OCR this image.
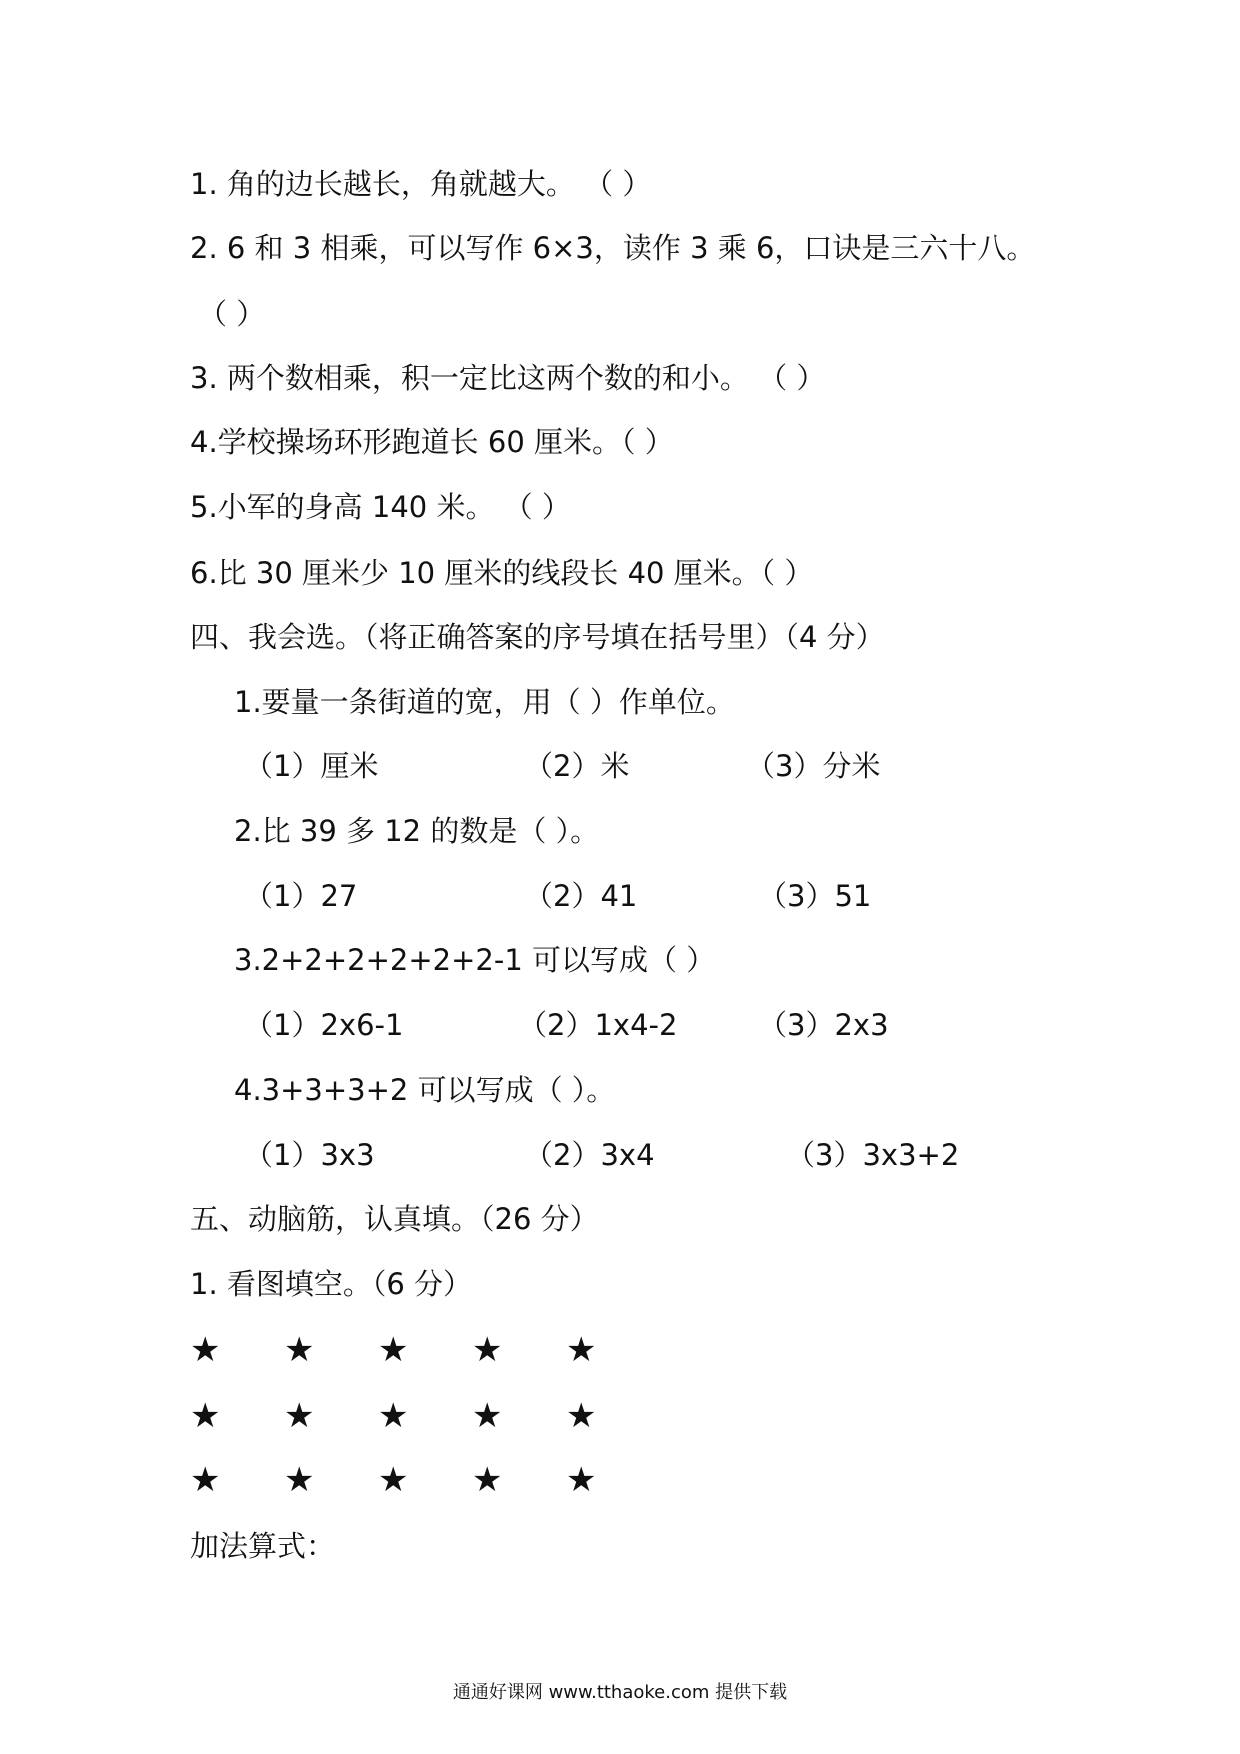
1. 角的边长越长，角就越大。 （ ）
2. 6 和 3 相乘，可以写作 6×3，读作 3 乘 6，口诀是三六十八。
（ ）
3. 两个数相乘，积一定比这两个数的和小。 （ ）
4.学校操场环形跑道长 60 厘米。（ ）
5.小军的身高 140 米。 （ ）
6.比 30 厘米少 10 厘米的线段长 40 厘米。（ ）
四、我会选。（将正确答案的序号填在括号里）（4 分）
1.要量一条街道的宽，用（ ）作单位。
（1）厘米	（2）米	（3）分米
2.比 39 多 12 的数是（ ）。
（1）27	（2）41	（3）51
3.2+2+2+2+2+2-1 可以写成（ ）
（1）2x6-1	（2）1x4-2	（3）2x3
4.3+3+3+2 可以写成（ ）。
（1）3x3	（2）3x4	（3）3x3+2
五、动脑筋，认真填。（26 分）
1. 看图填空。（6 分）
★ ★ ★ ★ ★
★ ★ ★ ★ ★
★ ★ ★ ★ ★
加法算式：
通通好课网 www.tthaoke.com 提供下载
